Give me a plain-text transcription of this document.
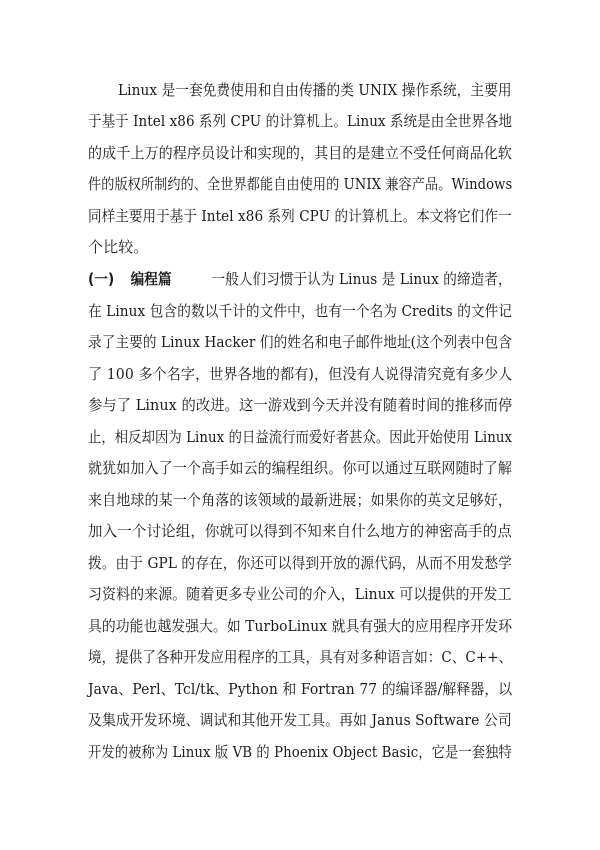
Linux 是一套免费使用和自由传播的类 UNIX 操作系统，主要用
于基于 Intel x86 系列 CPU 的计算机上。Linux 系统是由全世界各地
的成千上万的程序员设计和实现的，其目的是建立不受任何商品化软
件的版权所制约的、全世界都能自由使用的 UNIX 兼容产品。Windows
同样主要用于基于 Intel x86 系列 CPU 的计算机上。本文将它们作一
个比较。
(一) 编程篇	一般人们习惯于认为 Linus 是 Linux 的缔造者，
在 Linux 包含的数以千计的文件中，也有一个名为 Credits 的文件记
录了主要的 Linux Hacker 们的姓名和电子邮件地址(这个列表中包含
了 100 多个名字，世界各地的都有)，但没有人说得清究竟有多少人
参与了 Linux 的改进。这一游戏到今天并没有随着时间的推移而停
止，相反却因为 Linux 的日益流行而爱好者甚众。因此开始使用 Linux
就犹如加入了一个高手如云的编程组织。你可以通过互联网随时了解
来自地球的某一个角落的该领域的最新进展；如果你的英文足够好，
加入一个讨论组，你就可以得到不知来自什么地方的神密高手的点
拨。由于 GPL 的存在，你还可以得到开放的源代码，从而不用发愁学
习资料的来源。随着更多专业公司的介入，Linux 可以提供的开发工
具的功能也越发强大。如 TurboLinux 就具有强大的应用程序开发环
境，提供了各种开发应用程序的工具，具有对多种语言如：C、C++、
Java、Perl、Tcl/tk、Python 和 Fortran 77 的编译器/解释器，以
及集成开发环境、调试和其他开发工具。再如 Janus Software 公司
开发的被称为 Linux 版 VB 的 Phoenix Object Basic，它是一套独特
